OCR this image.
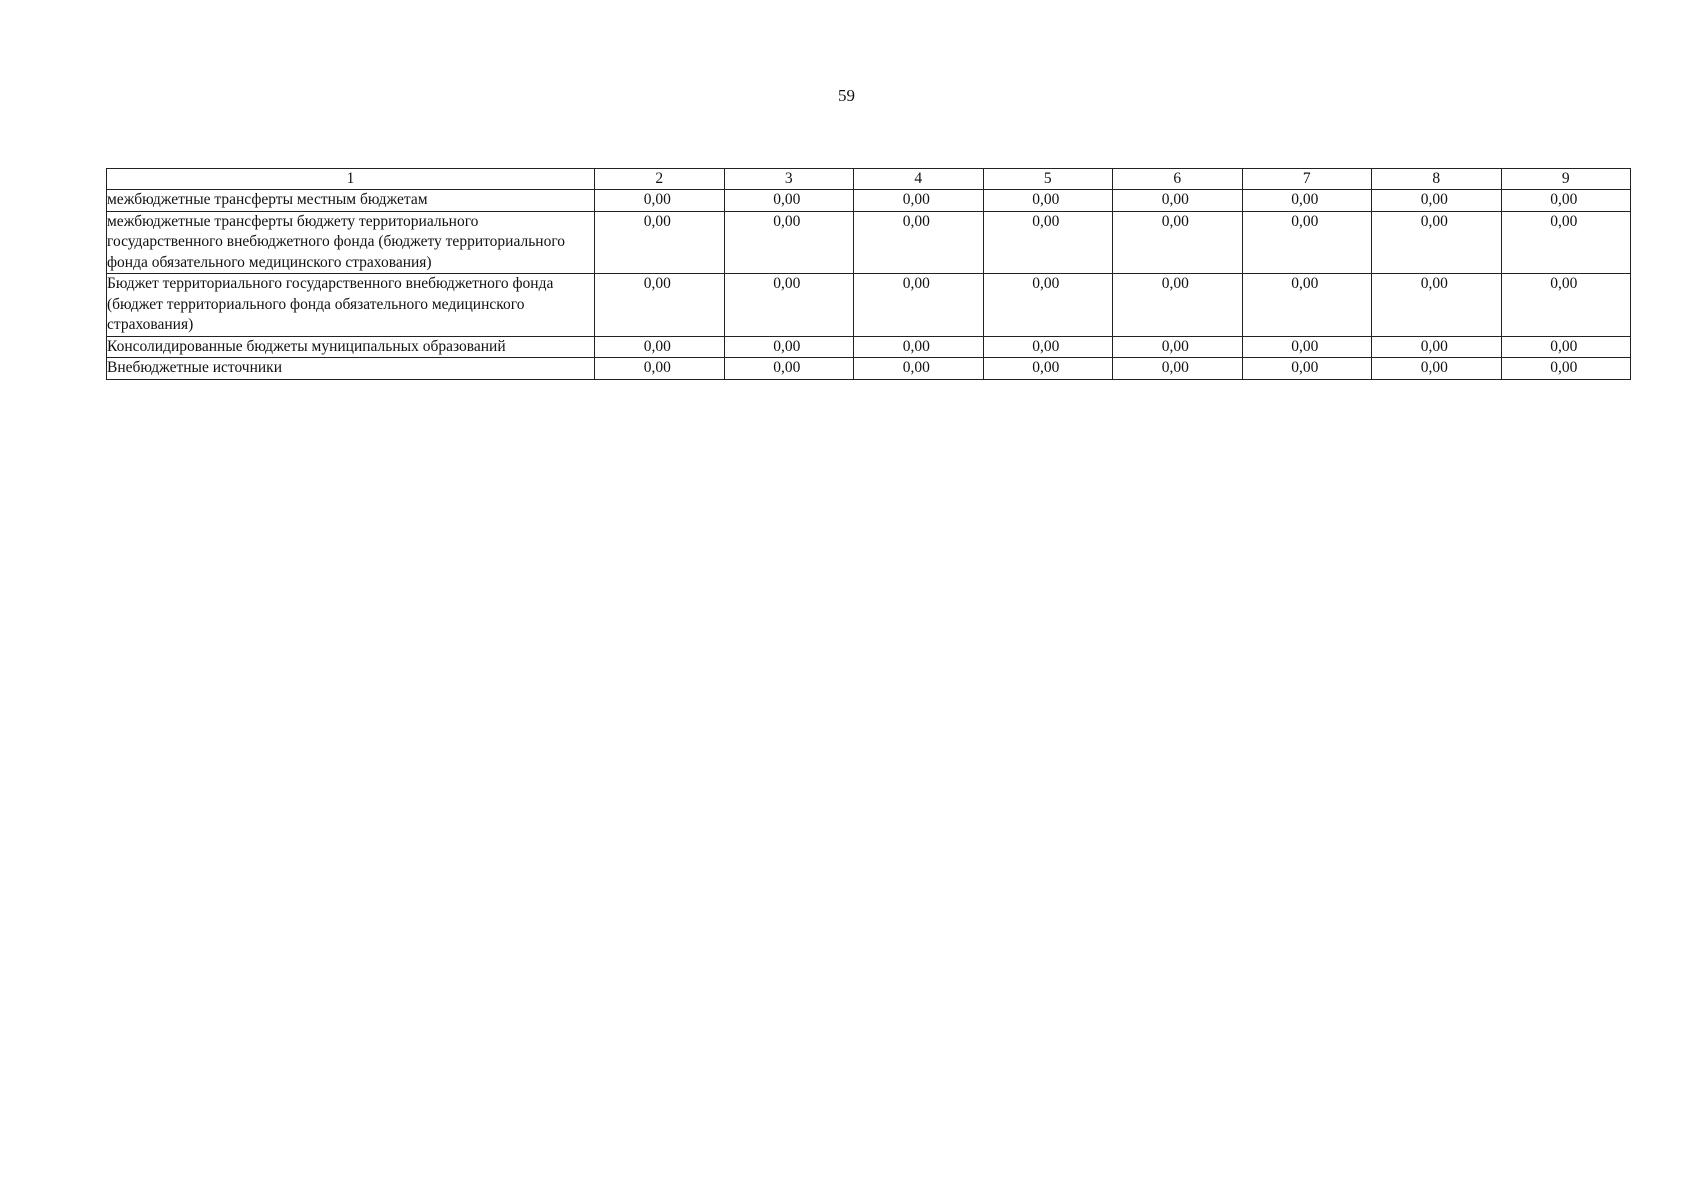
59
1	2	3	4	5	6	7	8	9
межбюджетные трансферты местным бюджетам	0,00	0,00	0,00	0,00	0,00	0,00	0,00	0,00
межбюджетные трансферты бюджету территориального государственного внебюджетного фонда (бюджету территориального фонда обязательного медицинского страхования)	0,00	0,00	0,00	0,00	0,00	0,00	0,00	0,00
Бюджет территориального государственного внебюджетного фонда (бюджет территориального фонда обязательного медицинского страхования)	0,00	0,00	0,00	0,00	0,00	0,00	0,00	0,00
Консолидированные бюджеты муниципальных образований	0,00	0,00	0,00	0,00	0,00	0,00	0,00	0,00
Внебюджетные источники	0,00	0,00	0,00	0,00	0,00	0,00	0,00	0,00
